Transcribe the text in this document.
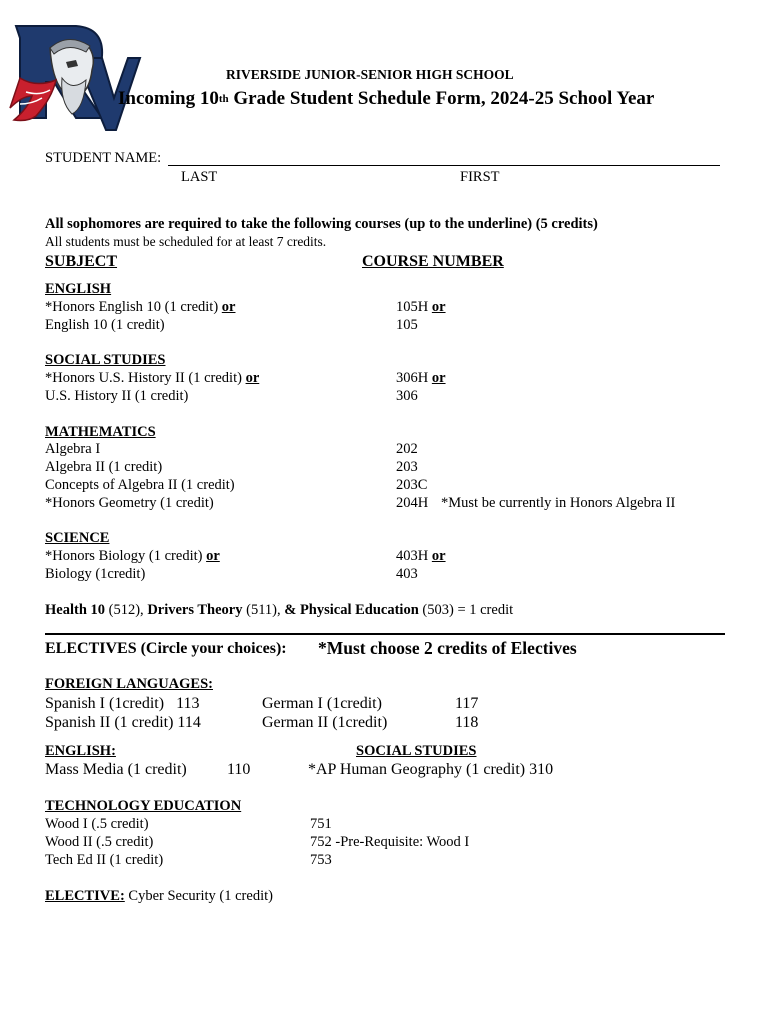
RIVERSIDE JUNIOR-SENIOR HIGH SCHOOL
Incoming 10th Grade Student Schedule Form, 2024-25 School Year
STUDENT NAME:
LAST	FIRST
All sophomores are required to take the following courses (up to the underline) (5 credits)
All students must be scheduled for at least 7 credits.
SUBJECT	COURSE NUMBER
ENGLISH
*Honors English 10 (1 credit) or	105H or
English 10 (1 credit)	105
SOCIAL STUDIES
*Honors U.S. History II (1 credit) or	306H or
U.S. History II (1 credit)	306
MATHEMATICS
Algebra I	202
Algebra II (1 credit)	203
Concepts of Algebra II (1 credit)	203C
*Honors Geometry (1 credit)	204H *Must be currently in Honors Algebra II
SCIENCE
*Honors Biology (1 credit) or	403H or
Biology (1credit)	403
Health 10 (512), Drivers Theory (511), & Physical Education (503) = 1 credit
ELECTIVES (Circle your choices): *Must choose 2 credits of Electives
FOREIGN LANGUAGES:
Spanish I (1credit)   113	German I (1credit)	117
Spanish II (1 credit) 114	German II (1credit)	118
ENGLISH:
Mass Media (1 credit)	110
SOCIAL STUDIES
*AP Human Geography (1 credit) 310
TECHNOLOGY EDUCATION
Wood I (.5 credit)	751
Wood II (.5 credit)	752 -Pre-Requisite: Wood I
Tech Ed II (1 credit)	753
ELECTIVE: Cyber Security (1 credit)
